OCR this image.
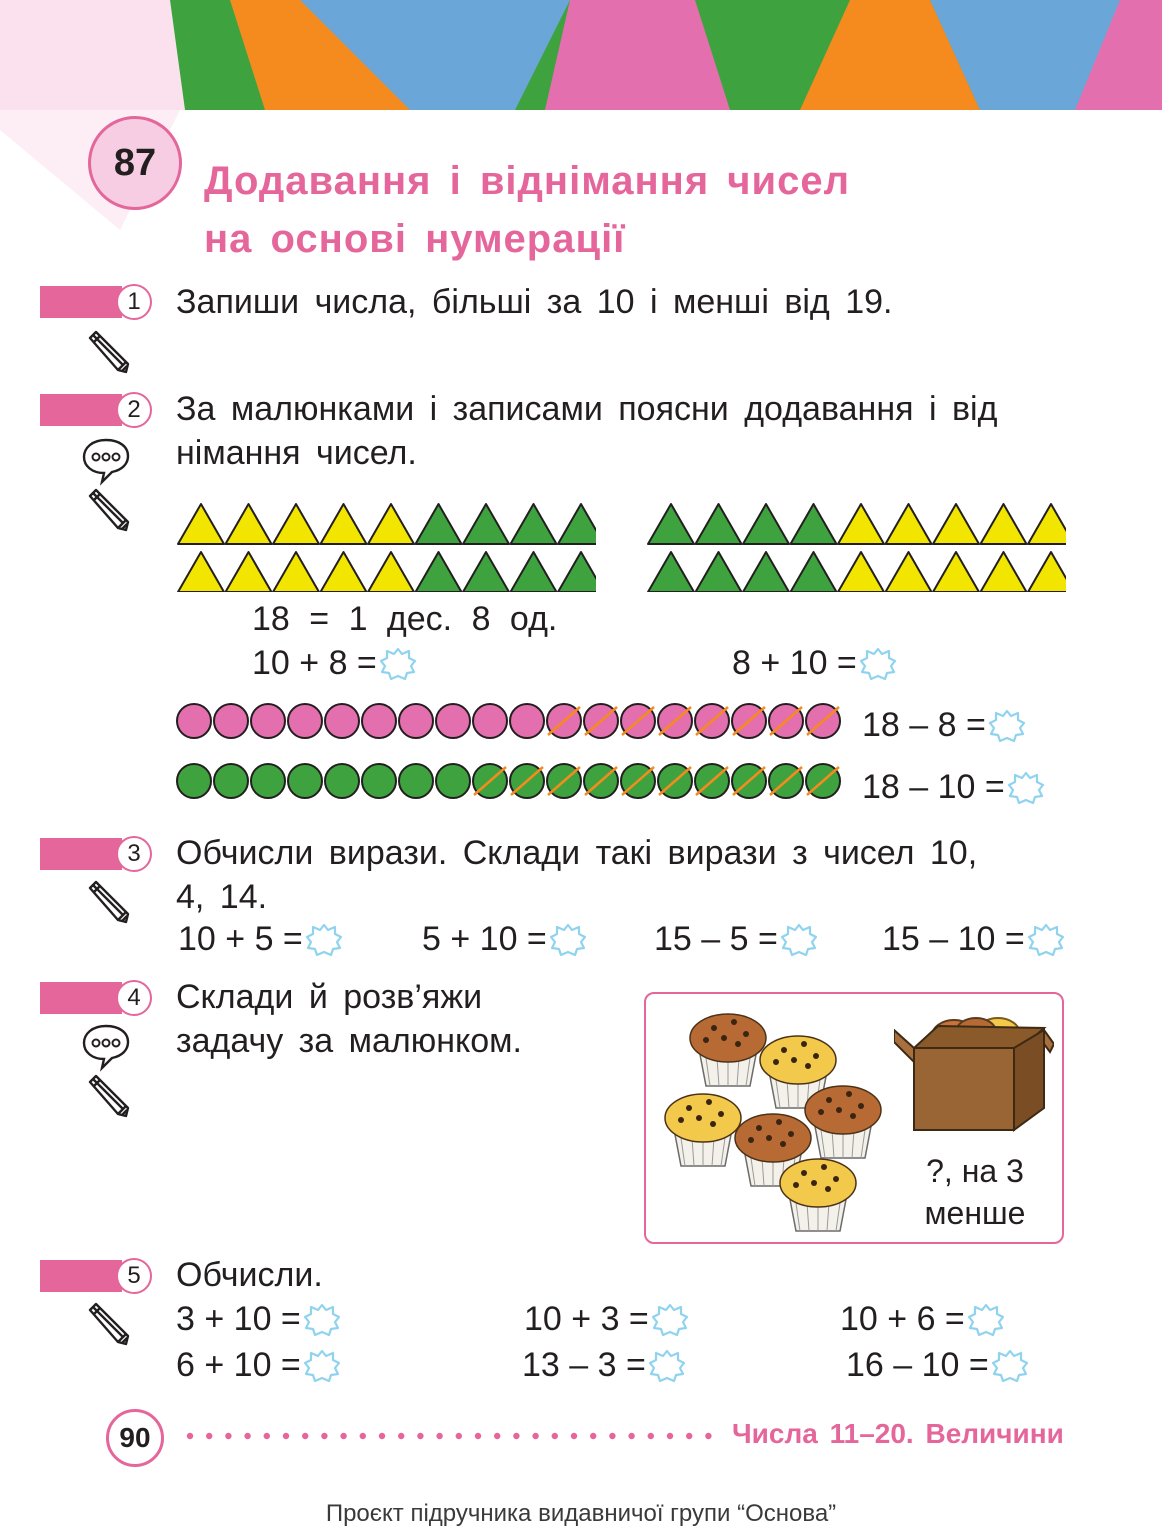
87	Додавання і віднімання чисел
на основі нумерації
1	Запиши числа, більші за 10 і менші від 19.
2	За малюнками і записами поясни додавання і від
німання чисел.
18 = 1 дес. 8 од.
10 + 8 =	8 + 10 =
18 – 8 =
18 – 10 =
3	Обчисли вирази. Склади такі вирази з чисел 10,
4, 14.
10 + 5 =	5 + 10 =	15 – 5 =	15 – 10 =
4	Склади й розв’яжи
задачу за малюнком.
?, на 3
менше
5	Обчисли.
3 + 10 =	10 + 3 =	10 + 6 =
6 + 10 =	13 – 3 =	16 – 10 =
90	Числа 11–20. Величини
Проєкт підручника видавничої групи “Основа”
